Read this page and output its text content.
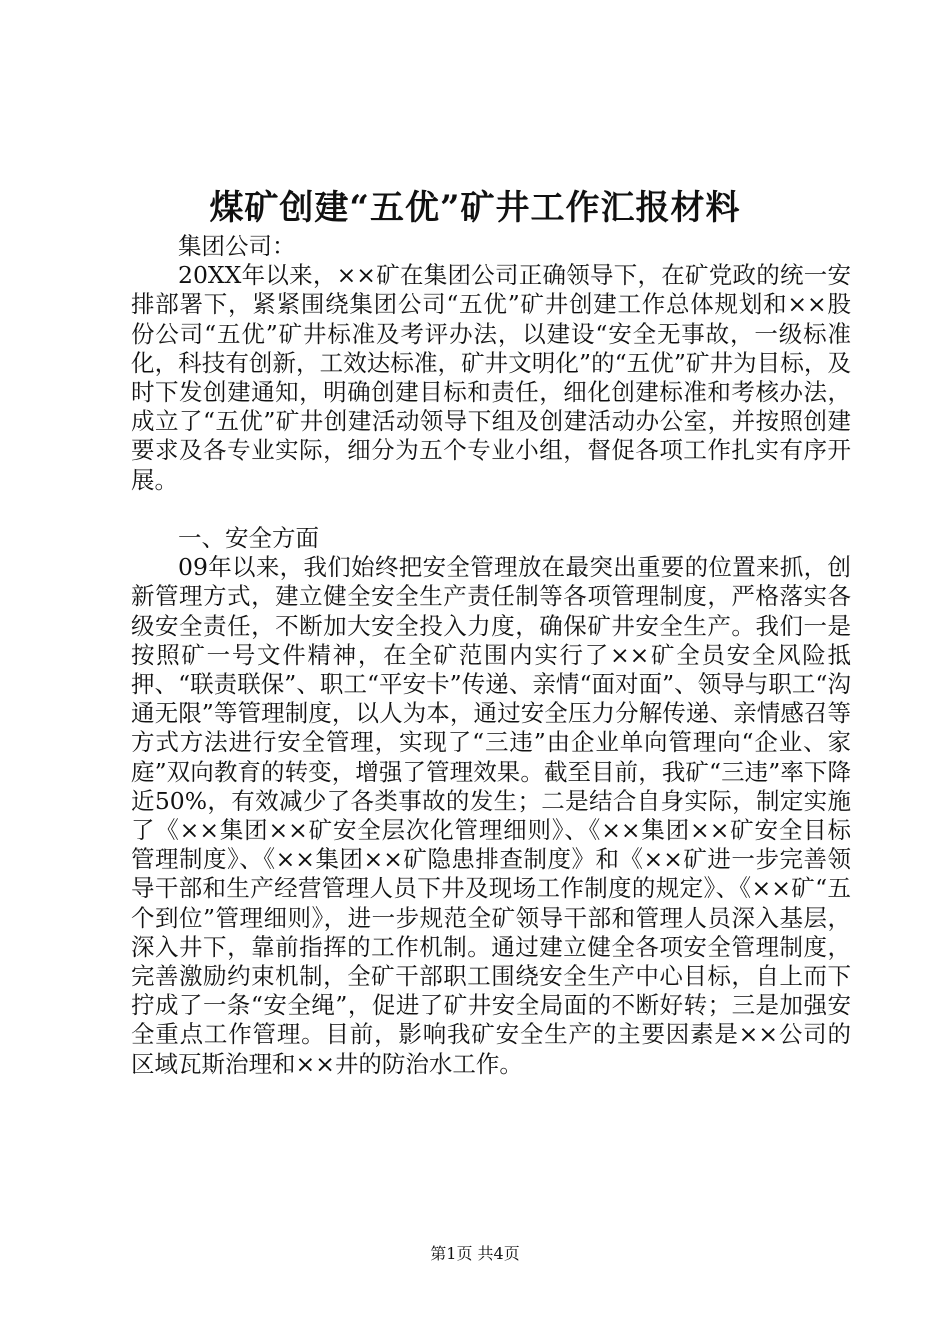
煤矿创建“五优”矿井工作汇报材料

集团公司：

20XX年以来，××矿在集团公司正确领导下，在矿党政的统一安排部署下，紧紧围绕集团公司“五优”矿井创建工作总体规划和××股份公司“五优”矿井标准及考评办法，以建设“安全无事故，一级标准化，科技有创新，工效达标准，矿井文明化”的“五优”矿井为目标，及时下发创建通知，明确创建目标和责任，细化创建标准和考核办法，成立了“五优”矿井创建活动领导下组及创建活动办公室，并按照创建要求及各专业实际，细分为五个专业小组，督促各项工作扎实有序开展。

一、安全方面

09年以来，我们始终把安全管理放在最突出重要的位置来抓，创新管理方式，建立健全安全生产责任制等各项管理制度，严格落实各级安全责任，不断加大安全投入力度，确保矿井安全生产。我们一是按照矿一号文件精神，在全矿范围内实行了××矿全员安全风险抵押、“联责联保”、职工“平安卡”传递、亲情“面对面”、领导与职工“沟通无限”等管理制度，以人为本，通过安全压力分解传递、亲情感召等方式方法进行安全管理，实现了“三违”由企业单向管理向“企业、家庭”双向教育的转变，增强了管理效果。截至目前，我矿“三违”率下降近50%，有效减少了各类事故的发生；二是结合自身实际，制定实施了《××集团××矿安全层次化管理细则》、《××集团××矿安全目标管理制度》、《××集团××矿隐患排查制度》和《××矿进一步完善领导干部和生产经营管理人员下井及现场工作制度的规定》、《××矿“五个到位”管理细则》，进一步规范全矿领导干部和管理人员深入基层，深入井下，靠前指挥的工作机制。通过建立健全各项安全管理制度，完善激励约束机制，全矿干部职工围绕安全生产中心目标，自上而下拧成了一条“安全绳”，促进了矿井安全局面的不断好转；三是加强安全重点工作管理。目前，影响我矿安全生产的主要因素是××公司的区域瓦斯治理和××井的防治水工作。

第1页 共4页
